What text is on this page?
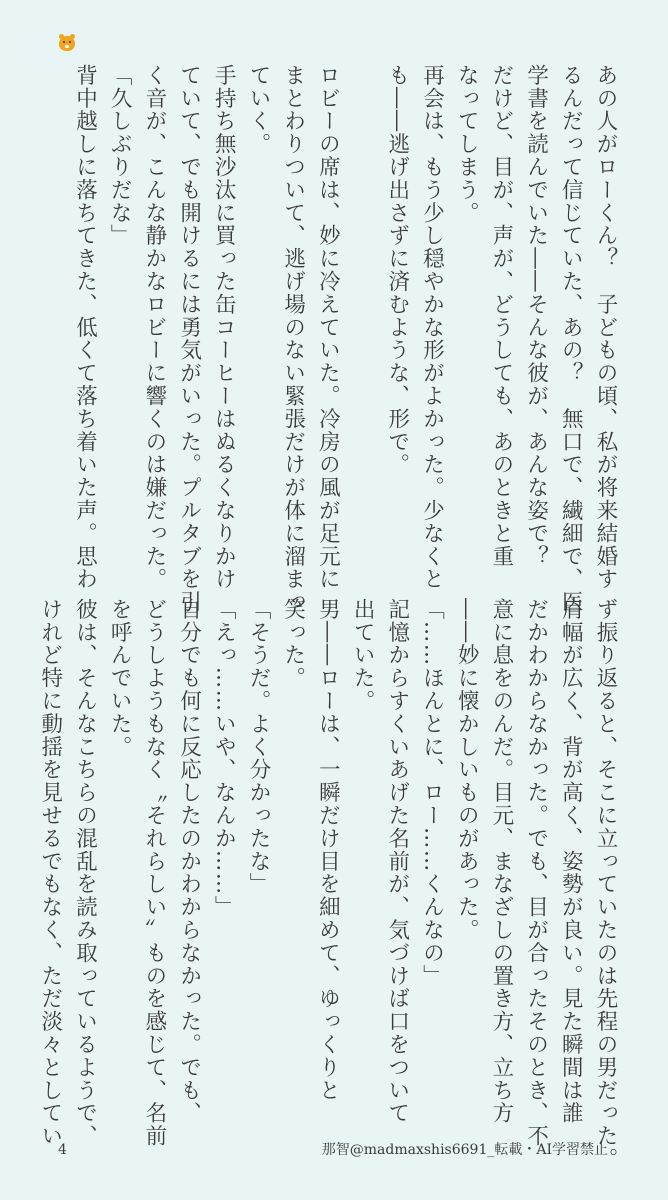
あの人がローくん？　子どもの頃、私が将来結婚す
るんだって信じていた、あの？　無口で、繊細で、医
学書を読んでいた――そんな彼が、あんな姿で？
だけど、目が、声が、どうしても、あのときと重
なってしまう。
再会は、もう少し穏やかな形がよかった。少なくと
も――逃げ出さずに済むような、形で。

ロビーの席は、妙に冷えていた。冷房の風が足元に
まとわりついて、逃げ場のない緊張だけが体に溜まっ
ていく。
手持ち無沙汰に買った缶コーヒーはぬるくなりかけ
ていて、でも開けるには勇気がいった。プルタブを引
く音が、こんな静かなロビーに響くのは嫌だった。
「久しぶりだな」
背中越しに落ちてきた、低くて落ち着いた声。思わ
ず振り返ると、そこに立っていたのは先程の男だった。
肩幅が広く、背が高く、姿勢が良い。見た瞬間は誰
だかわからなかった。でも、目が合ったそのとき、不
意に息をのんだ。目元、まなざしの置き方、立ち方
――妙に懐かしいものがあった。
「……ほんとに、ロー……くんなの」
記憶からすくいあげた名前が、気づけば口をついて
出ていた。
男――ローは、一瞬だけ目を細めて、ゆっくりと
笑った。
「そうだ。よく分かったな」
「えっ……いや、なんか……」
自分でも何に反応したのかわからなかった。でも、
どうしようもなく〝それらしい〟ものを感じて、名前
を呼んでいた。
彼は、そんなこちらの混乱を読み取っているようで、
けれど特に動揺を見せるでもなく、ただ淡々としてい
4	那智@madmaxshis6691_転載・AI学習禁止
